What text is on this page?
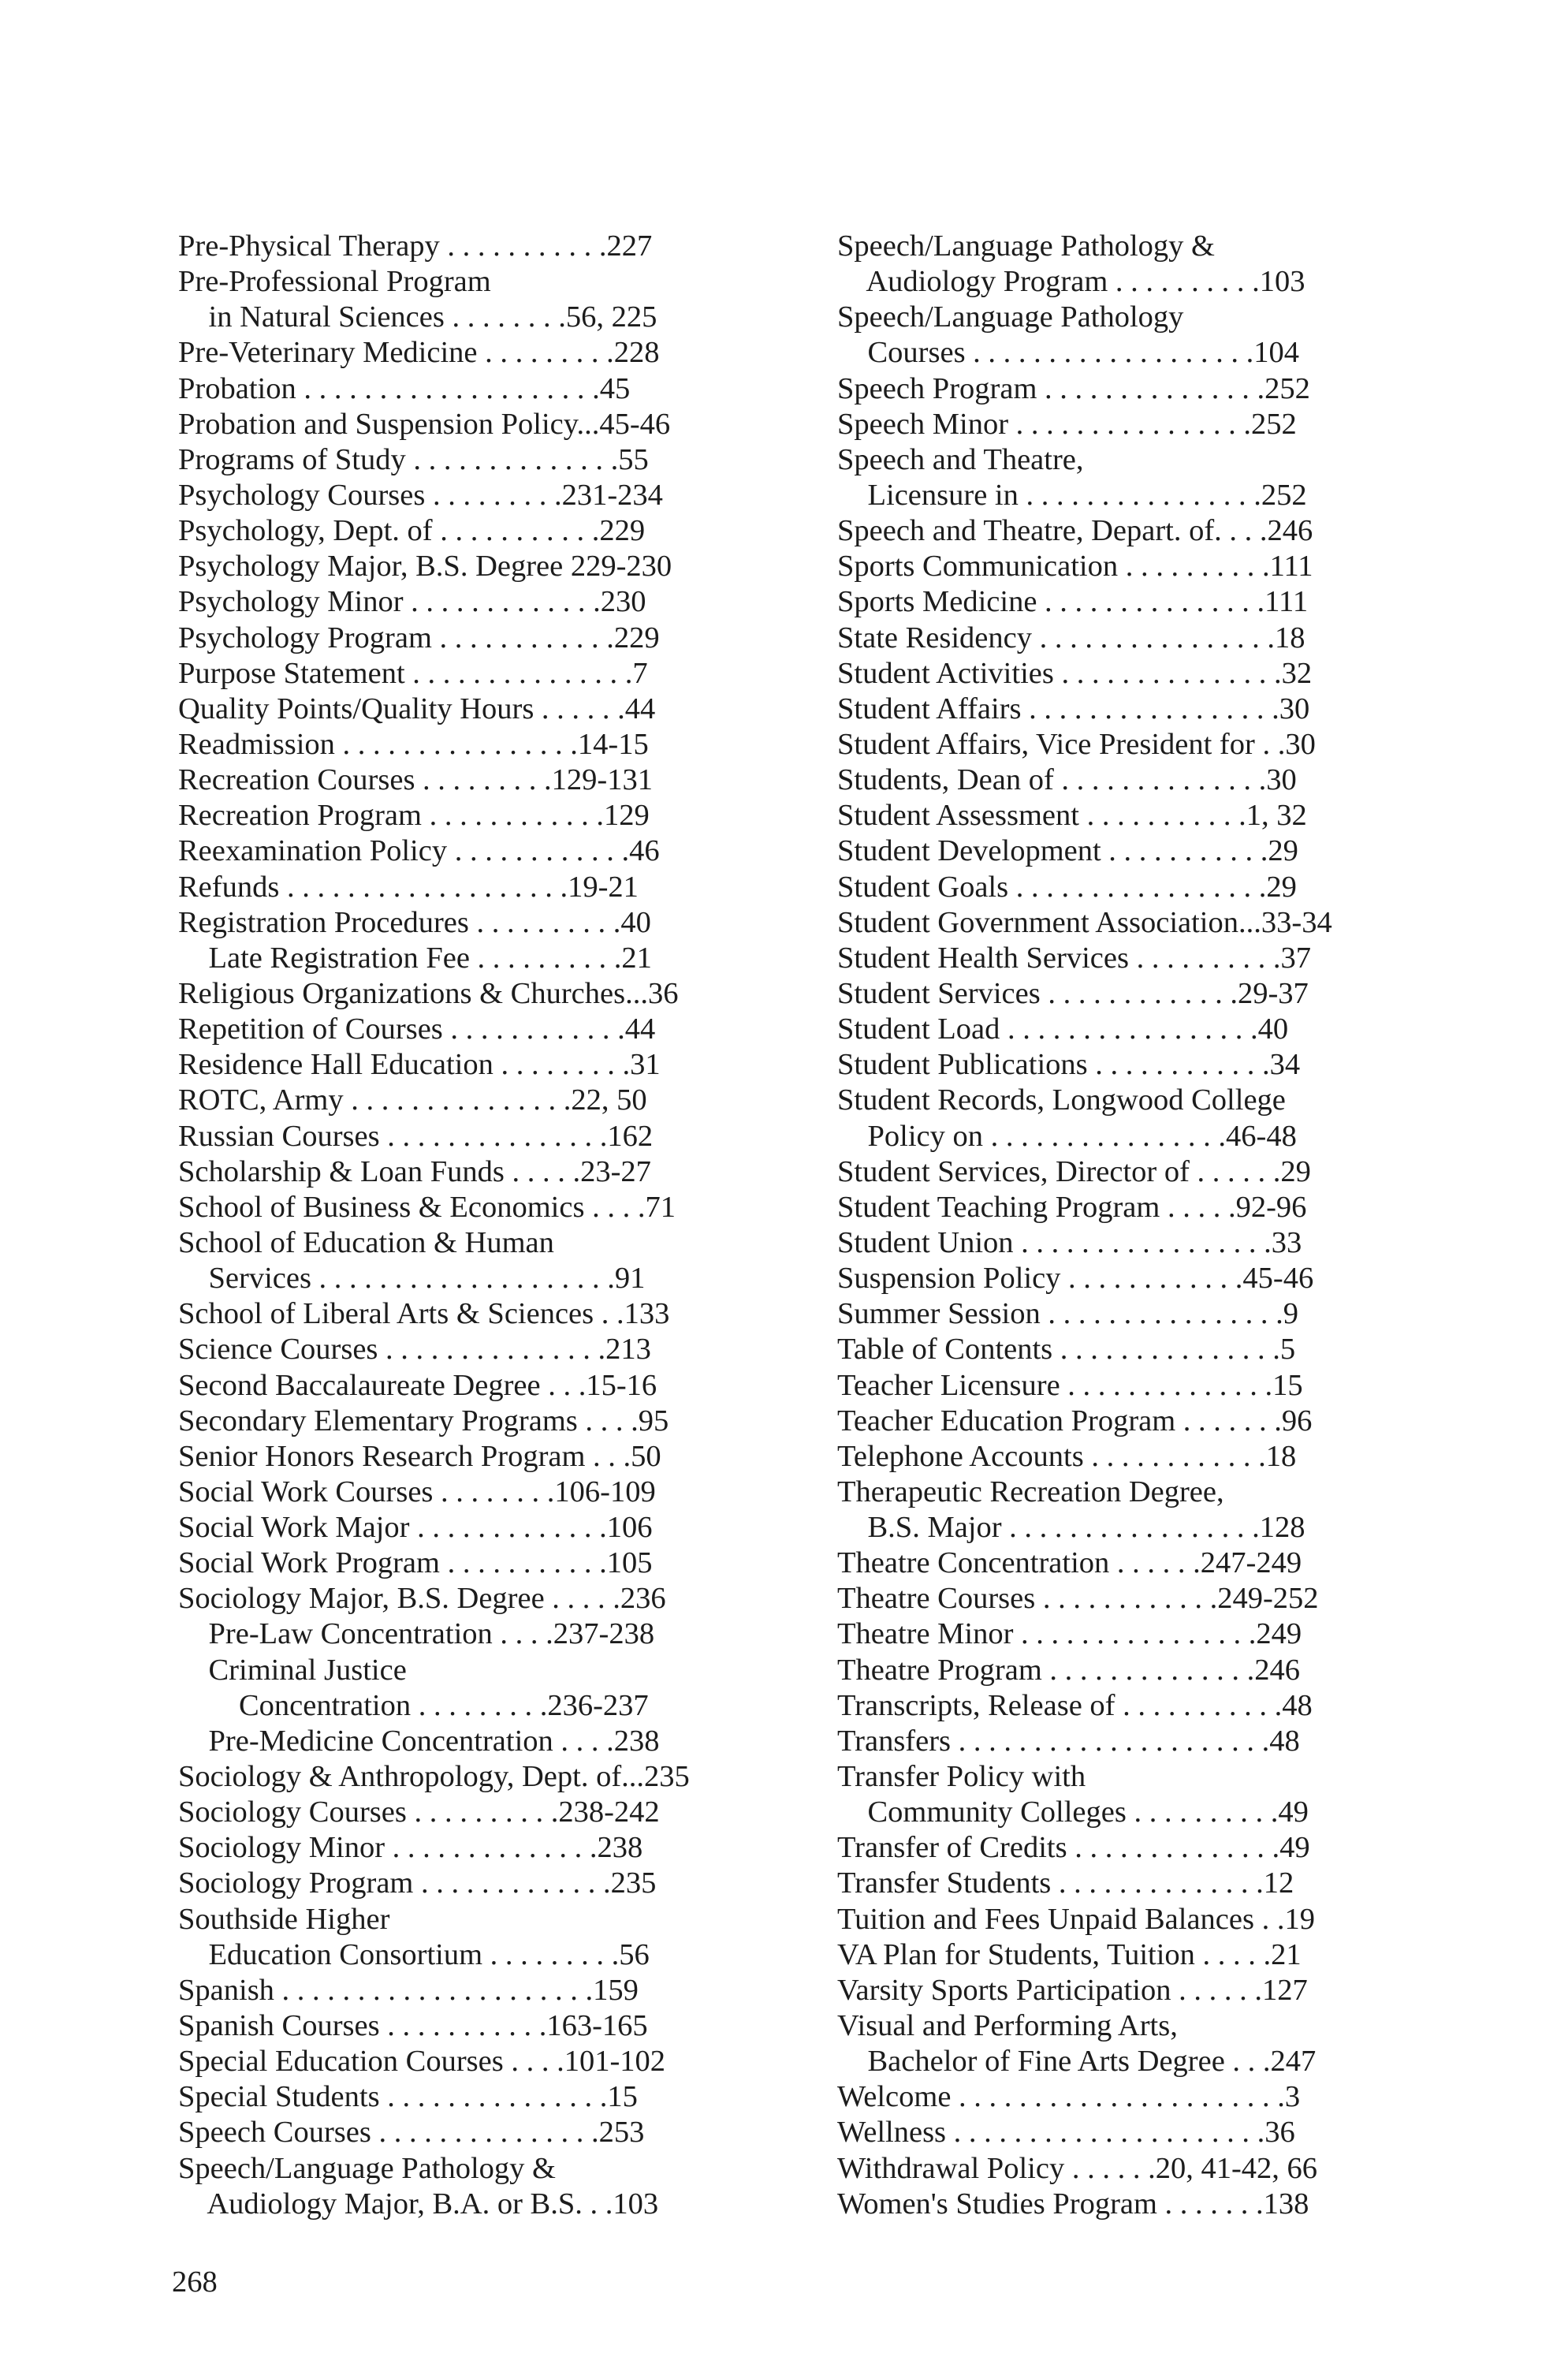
Pre-Physical Therapy . . . . . . . . . . .227
Pre-Professional Program
in Natural Sciences . . . . . . . .56, 225
Pre-Veterinary Medicine . . . . . . . . .228
Probation . . . . . . . . . . . . . . . . . . . .45
Probation and Suspension Policy...45-46
Programs of Study . . . . . . . . . . . . . .55
Psychology Courses . . . . . . . . .231-234
Psychology, Dept. of . . . . . . . . . . .229
Psychology Major, B.S. Degree 229-230
Psychology Minor . . . . . . . . . . . . .230
Psychology Program . . . . . . . . . . . .229
Purpose Statement . . . . . . . . . . . . . . .7
Quality Points/Quality Hours . . . . . .44
Readmission . . . . . . . . . . . . . . . .14-15
Recreation Courses . . . . . . . . .129-131
Recreation Program . . . . . . . . . . . .129
Reexamination Policy . . . . . . . . . . . .46
Refunds . . . . . . . . . . . . . . . . . . .19-21
Registration Procedures . . . . . . . . . .40
Late Registration Fee . . . . . . . . . .21
Religious Organizations & Churches...36
Repetition of Courses . . . . . . . . . . . .44
Residence Hall Education . . . . . . . . .31
ROTC, Army . . . . . . . . . . . . . . .22, 50
Russian Courses . . . . . . . . . . . . . . .162
Scholarship & Loan Funds . . . . .23-27
School of Business & Economics . . . .71
School of Education & Human
Services . . . . . . . . . . . . . . . . . . . .91
School of Liberal Arts & Sciences . .133
Science Courses . . . . . . . . . . . . . . .213
Second Baccalaureate Degree . . .15-16
Secondary Elementary Programs . . . .95
Senior Honors Research Program . . .50
Social Work Courses . . . . . . . .106-109
Social Work Major . . . . . . . . . . . . .106
Social Work Program . . . . . . . . . . .105
Sociology Major, B.S. Degree . . . . .236
Pre-Law Concentration . . . .237-238
Criminal Justice
Concentration . . . . . . . . .236-237
Pre-Medicine Concentration . . . .238
Sociology & Anthropology, Dept. of...235
Sociology Courses . . . . . . . . . .238-242
Sociology Minor . . . . . . . . . . . . . .238
Sociology Program . . . . . . . . . . . . .235
Southside Higher
Education Consortium . . . . . . . . .56
Spanish . . . . . . . . . . . . . . . . . . . . .159
Spanish Courses . . . . . . . . . . .163-165
Special Education Courses . . . .101-102
Special Students . . . . . . . . . . . . . . .15
Speech Courses . . . . . . . . . . . . . . .253
Speech/Language Pathology &
Audiology Major, B.A. or B.S. . .103
Speech/Language Pathology &
Audiology Program . . . . . . . . . .103
Speech/Language Pathology
Courses . . . . . . . . . . . . . . . . . . .104
Speech Program . . . . . . . . . . . . . . .252
Speech Minor . . . . . . . . . . . . . . . .252
Speech and Theatre,
Licensure in . . . . . . . . . . . . . . . .252
Speech and Theatre, Depart. of. . . .246
Sports Communication . . . . . . . . . .111
Sports Medicine . . . . . . . . . . . . . . .111
State Residency . . . . . . . . . . . . . . . .18
Student Activities . . . . . . . . . . . . . . .32
Student Affairs . . . . . . . . . . . . . . . . .30
Student Affairs, Vice President for . .30
Students, Dean of . . . . . . . . . . . . . .30
Student Assessment . . . . . . . . . . .1, 32
Student Development . . . . . . . . . . .29
Student Goals . . . . . . . . . . . . . . . . .29
Student Government Association...33-34
Student Health Services . . . . . . . . . .37
Student Services . . . . . . . . . . . . .29-37
Student Load . . . . . . . . . . . . . . . . .40
Student Publications . . . . . . . . . . . .34
Student Records, Longwood College
Policy on . . . . . . . . . . . . . . . .46-48
Student Services, Director of . . . . . .29
Student Teaching Program . . . . .92-96
Student Union . . . . . . . . . . . . . . . . .33
Suspension Policy . . . . . . . . . . . .45-46
Summer Session . . . . . . . . . . . . . . . .9
Table of Contents . . . . . . . . . . . . . . .5
Teacher Licensure . . . . . . . . . . . . . .15
Teacher Education Program . . . . . . .96
Telephone Accounts . . . . . . . . . . . .18
Therapeutic Recreation Degree,
B.S. Major . . . . . . . . . . . . . . . . .128
Theatre Concentration . . . . . .247-249
Theatre Courses . . . . . . . . . . . .249-252
Theatre Minor . . . . . . . . . . . . . . . .249
Theatre Program . . . . . . . . . . . . . .246
Transcripts, Release of . . . . . . . . . . .48
Transfers . . . . . . . . . . . . . . . . . . . . .48
Transfer Policy with
Community Colleges . . . . . . . . . .49
Transfer of Credits . . . . . . . . . . . . . .49
Transfer Students . . . . . . . . . . . . . .12
Tuition and Fees Unpaid Balances . .19
VA Plan for Students, Tuition . . . . .21
Varsity Sports Participation . . . . . .127
Visual and Performing Arts,
Bachelor of Fine Arts Degree . . .247
Welcome . . . . . . . . . . . . . . . . . . . . . .3
Wellness . . . . . . . . . . . . . . . . . . . . .36
Withdrawal Policy . . . . . .20, 41-42, 66
Women's Studies Program . . . . . . .138
268
